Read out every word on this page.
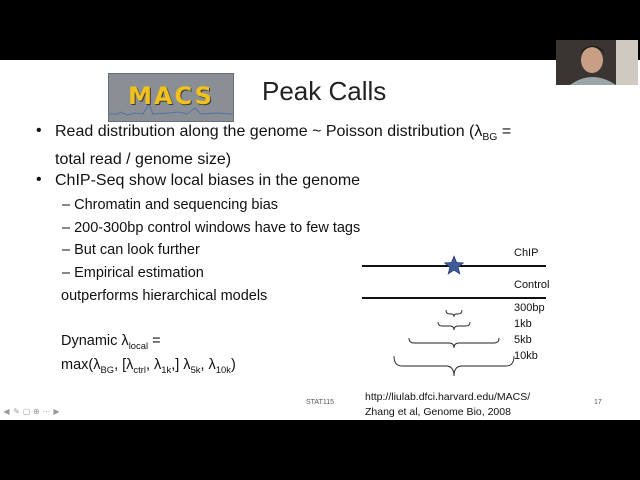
MACS	Peak Calls
• Read distribution along the genome ~ Poisson distribution ($\lambda_{BG}$ =
total read / genome size)
• ChIP-Seq show local biases in the genome
– Chromatin and sequencing bias
– 200-300bp control windows have to few tags
– But can look further
– Empirical estimation
outperforms hierarchical models
Dynamic $\lambda_{local}$ =
$\max(\lambda_{BG}$, [$\lambda_{ctrl}$, $\lambda_{1k}$,] $\lambda_{5k}$, $\lambda_{10k}$)
ChIP
Control
300bp
1kb
5kb
10kb
STAT115	17
http://liulab.dfci.harvard.edu/MACS/
Zhang et al, Genome Bio, 2008
◀ ✎ ▢ ⊕ ⋯ ▶
